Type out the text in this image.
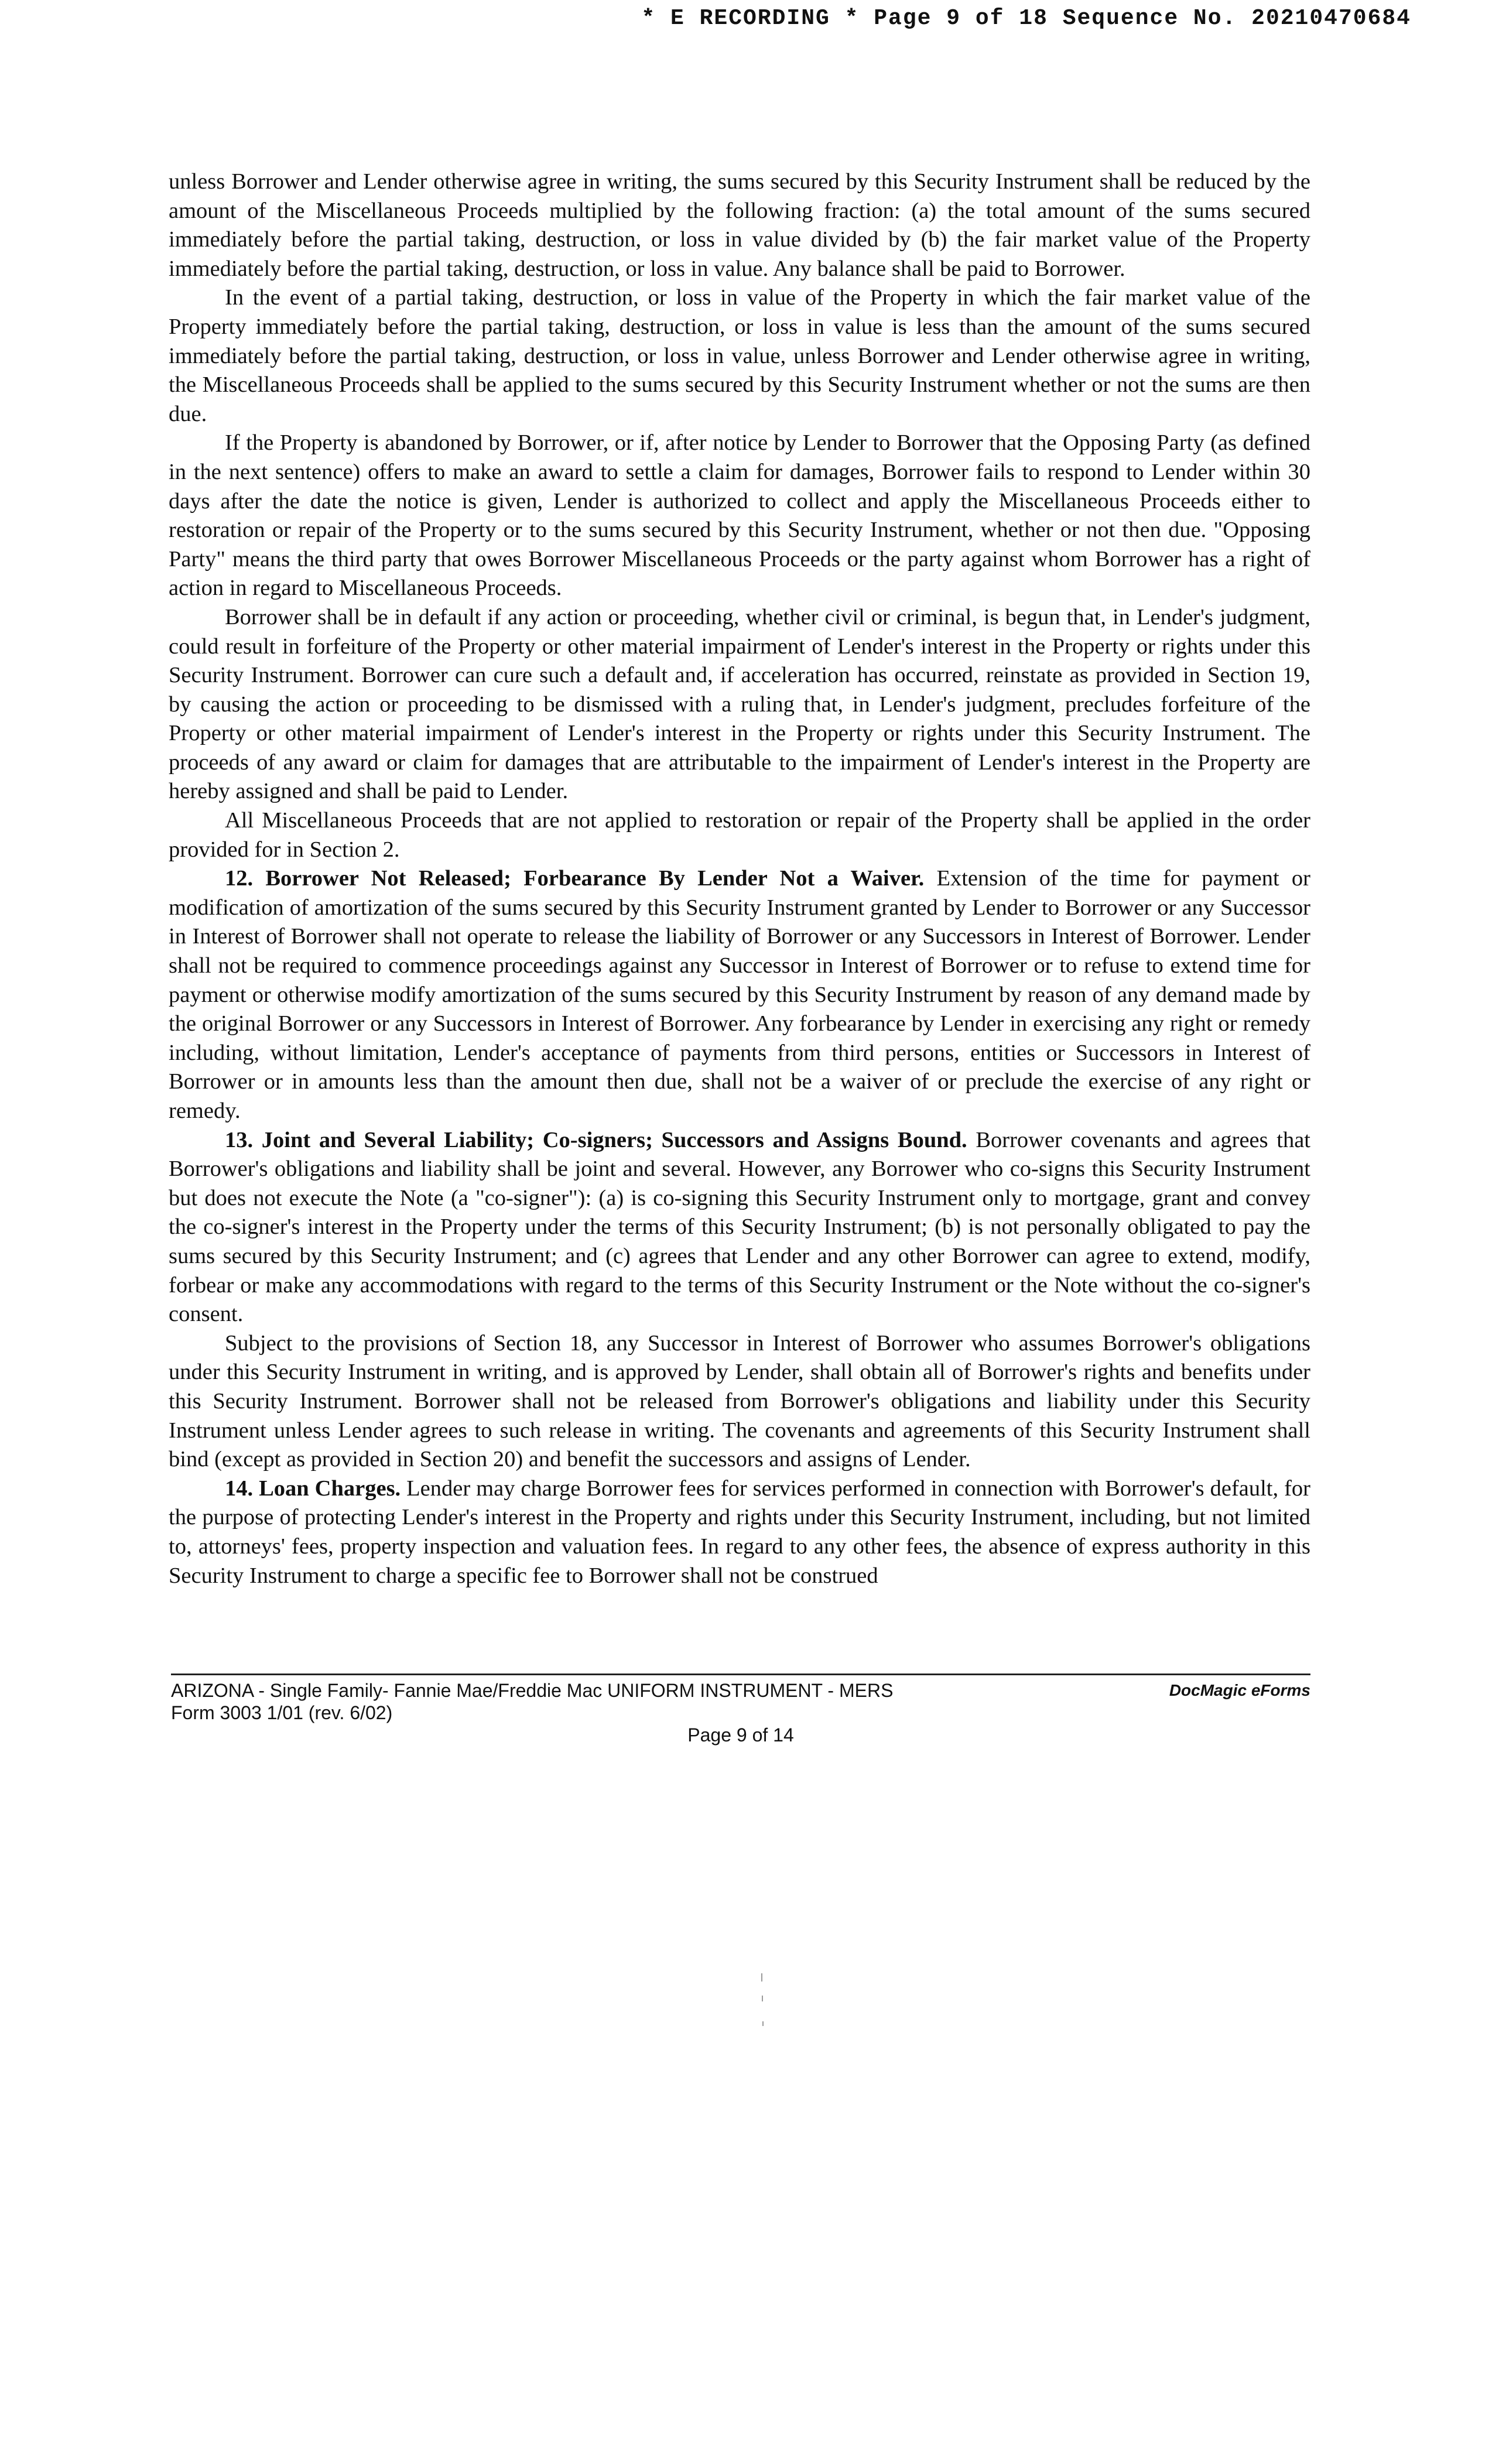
* E RECORDING * Page 9 of 18 Sequence No. 20210470684

unless Borrower and Lender otherwise agree in writing, the sums secured by this Security Instrument shall be reduced by the amount of the Miscellaneous Proceeds multiplied by the following fraction: (a) the total amount of the sums secured immediately before the partial taking, destruction, or loss in value divided by (b) the fair market value of the Property immediately before the partial taking, destruction, or loss in value. Any balance shall be paid to Borrower.

In the event of a partial taking, destruction, or loss in value of the Property in which the fair market value of the Property immediately before the partial taking, destruction, or loss in value is less than the amount of the sums secured immediately before the partial taking, destruction, or loss in value, unless Borrower and Lender otherwise agree in writing, the Miscellaneous Proceeds shall be applied to the sums secured by this Security Instrument whether or not the sums are then due.

If the Property is abandoned by Borrower, or if, after notice by Lender to Borrower that the Opposing Party (as defined in the next sentence) offers to make an award to settle a claim for damages, Borrower fails to respond to Lender within 30 days after the date the notice is given, Lender is authorized to collect and apply the Miscellaneous Proceeds either to restoration or repair of the Property or to the sums secured by this Security Instrument, whether or not then due. "Opposing Party" means the third party that owes Borrower Miscellaneous Proceeds or the party against whom Borrower has a right of action in regard to Miscellaneous Proceeds.

Borrower shall be in default if any action or proceeding, whether civil or criminal, is begun that, in Lender's judgment, could result in forfeiture of the Property or other material impairment of Lender's interest in the Property or rights under this Security Instrument. Borrower can cure such a default and, if acceleration has occurred, reinstate as provided in Section 19, by causing the action or proceeding to be dismissed with a ruling that, in Lender's judgment, precludes forfeiture of the Property or other material impairment of Lender's interest in the Property or rights under this Security Instrument. The proceeds of any award or claim for damages that are attributable to the impairment of Lender's interest in the Property are hereby assigned and shall be paid to Lender.

All Miscellaneous Proceeds that are not applied to restoration or repair of the Property shall be applied in the order provided for in Section 2.

12. Borrower Not Released; Forbearance By Lender Not a Waiver. Extension of the time for payment or modification of amortization of the sums secured by this Security Instrument granted by Lender to Borrower or any Successor in Interest of Borrower shall not operate to release the liability of Borrower or any Successors in Interest of Borrower. Lender shall not be required to commence proceedings against any Successor in Interest of Borrower or to refuse to extend time for payment or otherwise modify amortization of the sums secured by this Security Instrument by reason of any demand made by the original Borrower or any Successors in Interest of Borrower. Any forbearance by Lender in exercising any right or remedy including, without limitation, Lender's acceptance of payments from third persons, entities or Successors in Interest of Borrower or in amounts less than the amount then due, shall not be a waiver of or preclude the exercise of any right or remedy.

13. Joint and Several Liability; Co-signers; Successors and Assigns Bound. Borrower covenants and agrees that Borrower's obligations and liability shall be joint and several. However, any Borrower who co-signs this Security Instrument but does not execute the Note (a "co-signer"): (a) is co-signing this Security Instrument only to mortgage, grant and convey the co-signer's interest in the Property under the terms of this Security Instrument; (b) is not personally obligated to pay the sums secured by this Security Instrument; and (c) agrees that Lender and any other Borrower can agree to extend, modify, forbear or make any accommodations with regard to the terms of this Security Instrument or the Note without the co-signer's consent.

Subject to the provisions of Section 18, any Successor in Interest of Borrower who assumes Borrower's obligations under this Security Instrument in writing, and is approved by Lender, shall obtain all of Borrower's rights and benefits under this Security Instrument. Borrower shall not be released from Borrower's obligations and liability under this Security Instrument unless Lender agrees to such release in writing. The covenants and agreements of this Security Instrument shall bind (except as provided in Section 20) and benefit the successors and assigns of Lender.

14. Loan Charges. Lender may charge Borrower fees for services performed in connection with Borrower's default, for the purpose of protecting Lender's interest in the Property and rights under this Security Instrument, including, but not limited to, attorneys' fees, property inspection and valuation fees. In regard to any other fees, the absence of express authority in this Security Instrument to charge a specific fee to Borrower shall not be construed

ARIZONA - Single Family- Fannie Mae/Freddie Mac UNIFORM INSTRUMENT - MERS
Form 3003 1/01 (rev. 6/02)
DocMagic eForms
Page 9 of 14
